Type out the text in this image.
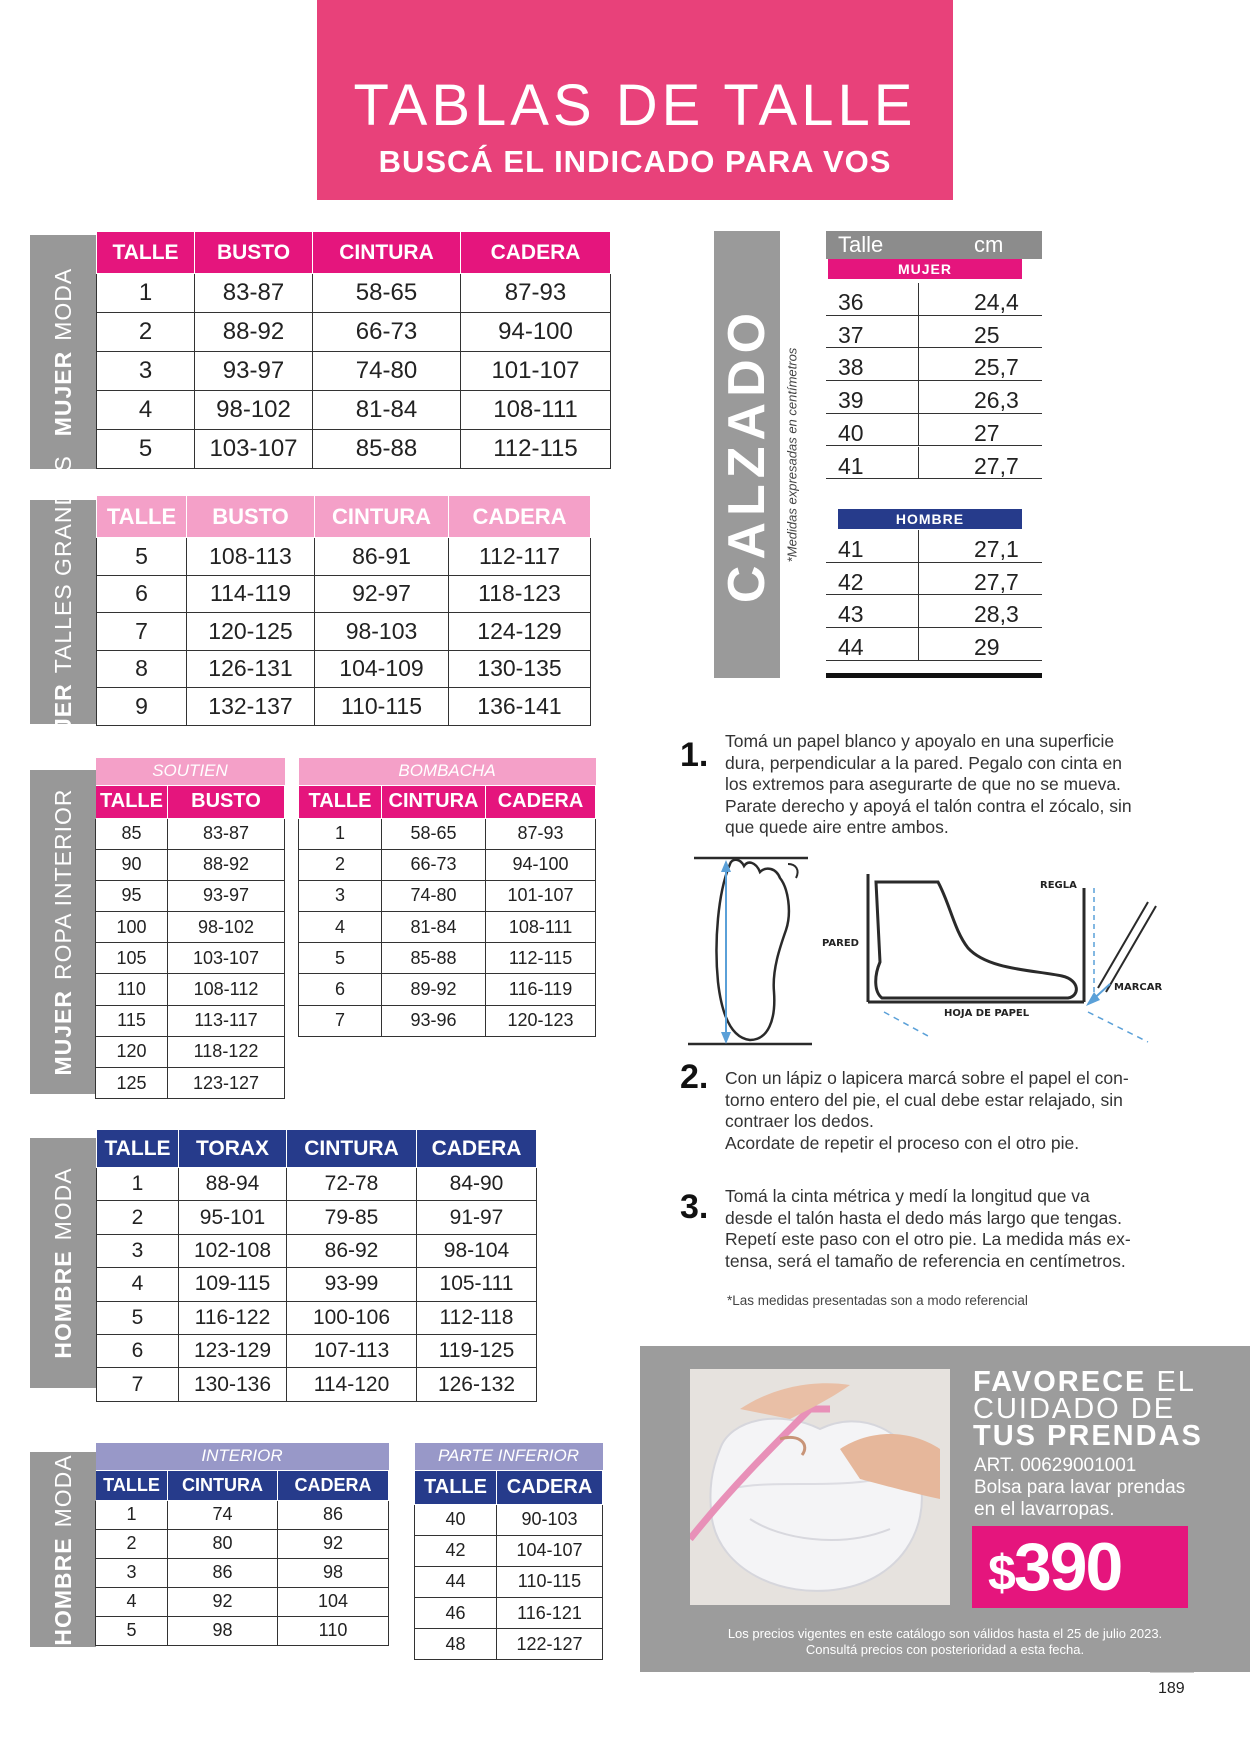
TABLAS DE TALLE
BUSCÁ EL INDICADO PARA VOS
MUJERMODA
MUJERTALLES GRANDES
MUJERROPA INTERIOR
HOMBREMODA
HOMBREMODA
TALLE	BUSTO	CINTURA	CADERA
1	83-87	58-65	87-93
2	88-92	66-73	94-100
3	93-97	74-80	101-107
4	98-102	81-84	108-111
5	103-107	85-88	112-115
TALLE	BUSTO	CINTURA	CADERA
5	108-113	86-91	112-117
6	114-119	92-97	118-123
7	120-125	98-103	124-129
8	126-131	104-109	130-135
9	132-137	110-115	136-141
SOUTIEN	
TALLE	BUSTO
85	83-87
90	88-92
95	93-97
100	98-102
105	103-107
110	108-112
115	113-117
120	118-122
125	123-127
BOMBACHA		
TALLE	CINTURA	CADERA
1	58-65	87-93
2	66-73	94-100
3	74-80	101-107
4	81-84	108-111
5	85-88	112-115
6	89-92	116-119
7	93-96	120-123
TALLE	TORAX	CINTURA	CADERA
1	88-94	72-78	84-90
2	95-101	79-85	91-97
3	102-108	86-92	98-104
4	109-115	93-99	105-111
5	116-122	100-106	112-118
6	123-129	107-113	119-125
7	130-136	114-120	126-132
INTERIOR		
TALLE	CINTURA	CADERA
1	74	86
2	80	92
3	86	98
4	92	104
5	98	110
PARTE INFERIOR	
TALLE	CADERA
40	90-103
42	104-107
44	110-115
46	116-121
48	122-127
CALZADO *Medidas expresadas en centímetros
Talle	cm
MUJER
36	24,4
37	25
38	25,7
39	26,3
40	27
41	27,7
HOMBRE
41	27,1
42	27,7
43	28,3
44	29
1. Tomá un papel blanco y apoyalo en una superficie
dura, perpendicular a la pared. Pegalo con cinta en
los extremos para asegurarte de que no se mueva.
Parate derecho y apoyá el talón contra el zócalo, sin
que quede aire entre ambos.
REGLA
PARED
MARCAR
HOJA DE PAPEL
2. Con un lápiz o lapicera marcá sobre el papel el con-
torno entero del pie, el cual debe estar relajado, sin
contraer los dedos.
Acordate de repetir el proceso con el otro pie.
3. Tomá la cinta métrica y medí la longitud que va
desde el talón hasta el dedo más largo que tengas.
Repetí este paso con el otro pie. La medida más ex-
tensa, será el tamaño de referencia en centímetros.
*Las medidas presentadas son a modo referencial
FAVORECE EL
CUIDADO DE
TUS PRENDAS
ART. 00629001001
Bolsa para lavar prendas
en el lavarropas.
$390
Los precios vigentes en este catálogo son válidos hasta el 25 de julio 2023.
Consultá precios con posterioridad a esta fecha.
189
